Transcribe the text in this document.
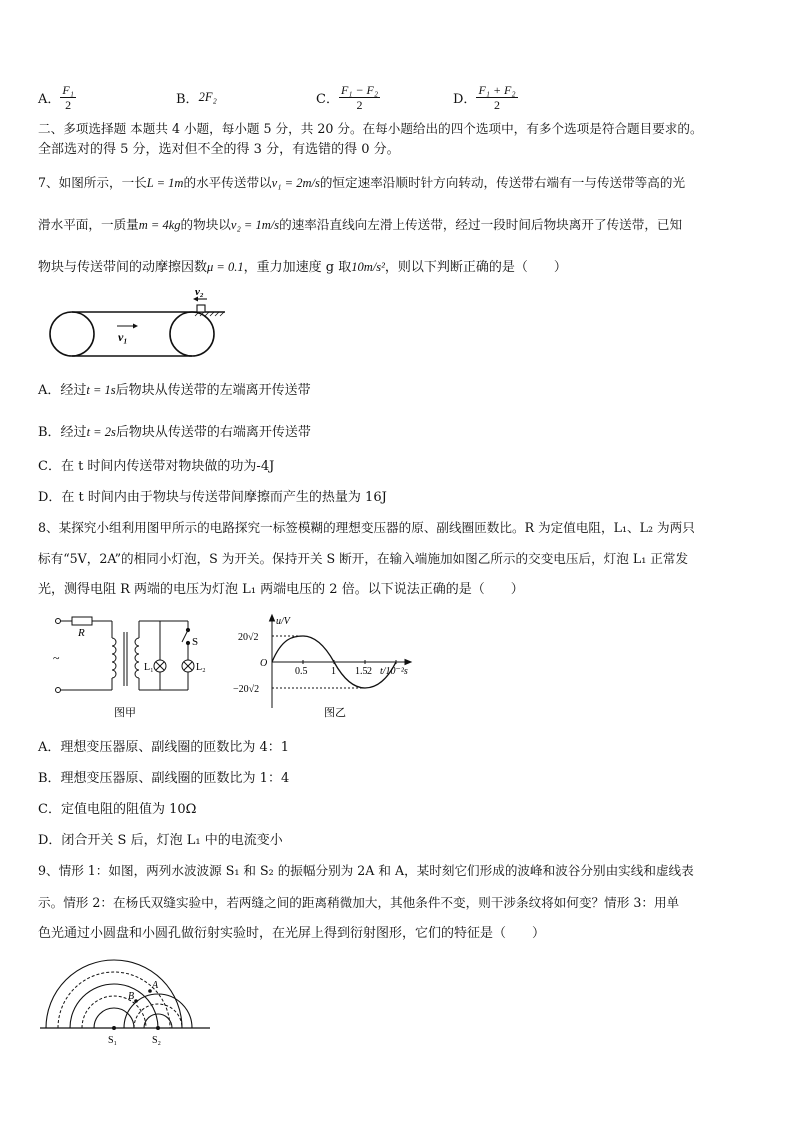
A． $\frac{\text{F₁}}{2}$	B． 2F₂	C． $\frac{\text{F₁ − F₂}}{2}$	D． $\frac{\text{F₁ + F₂}}{2}$
二、多项选择题 本题共 4 小题，每小题 5 分，共 20 分。在每小题给出的四个选项中，有多个选项是符合题目要求的。
全部选对的得 5 分，选对但不全的得 3 分，有选错的得 0 分。
7、如图所示，一长L = 1m的水平传送带以v₁ = 2m/s的恒定速率沿顺时针方向转动，传送带右端有一与传送带等高的光
滑水平面，一质量m = 4kg的物块以v₂ = 1m/s的速率沿直线向左滑上传送带，经过一段时间后物块离开了传送带，已知
物块与传送带间的动摩擦因数μ = 0.1，重力加速度 g 取10m/s²，则以下判断正确的是（　　）
v₂
v₁
A．经过t = 1s后物块从传送带的左端离开传送带
B．经过t = 2s后物块从传送带的右端离开传送带
C．在 t 时间内传送带对物块做的功为-4J
D．在 t 时间内由于物块与传送带间摩擦而产生的热量为 16J
8、某探究小组利用图甲所示的电路探究一标签模糊的理想变压器的原、副线圈匝数比。R 为定值电阻，L₁、L₂ 为两只
标有“5V，2A”的相同小灯泡，S 为开关。保持开关 S 断开，在输入端施加如图乙所示的交变电压后，灯泡 L₁ 正常发
光，测得电阻 R 两端的电压为灯泡 L₁ 两端电压的 2 倍。以下说法正确的是（　　）
R
~
S
L₁	L₂
图甲
u/V
t/10⁻²s
20√2
−20√2
O
0.5 1 1.5 2
图乙
A．理想变压器原、副线圈的匝数比为 4：1
B．理想变压器原、副线圈的匝数比为 1：4
C．定值电阻的阻值为 10Ω
D．闭合开关 S 后，灯泡 L₁ 中的电流变小
9、情形 1：如图，两列水波波源 S₁ 和 S₂ 的振幅分别为 2A 和 A，某时刻它们形成的波峰和波谷分别由实线和虚线表
示。情形 2：在杨氏双缝实验中，若两缝之间的距离稍微加大，其他条件不变，则干涉条纹将如何变？情形 3：用单
色光通过小圆盘和小圆孔做衍射实验时，在光屏上得到衍射图形，它们的特征是（　　）
A
B
S₁	S₂
